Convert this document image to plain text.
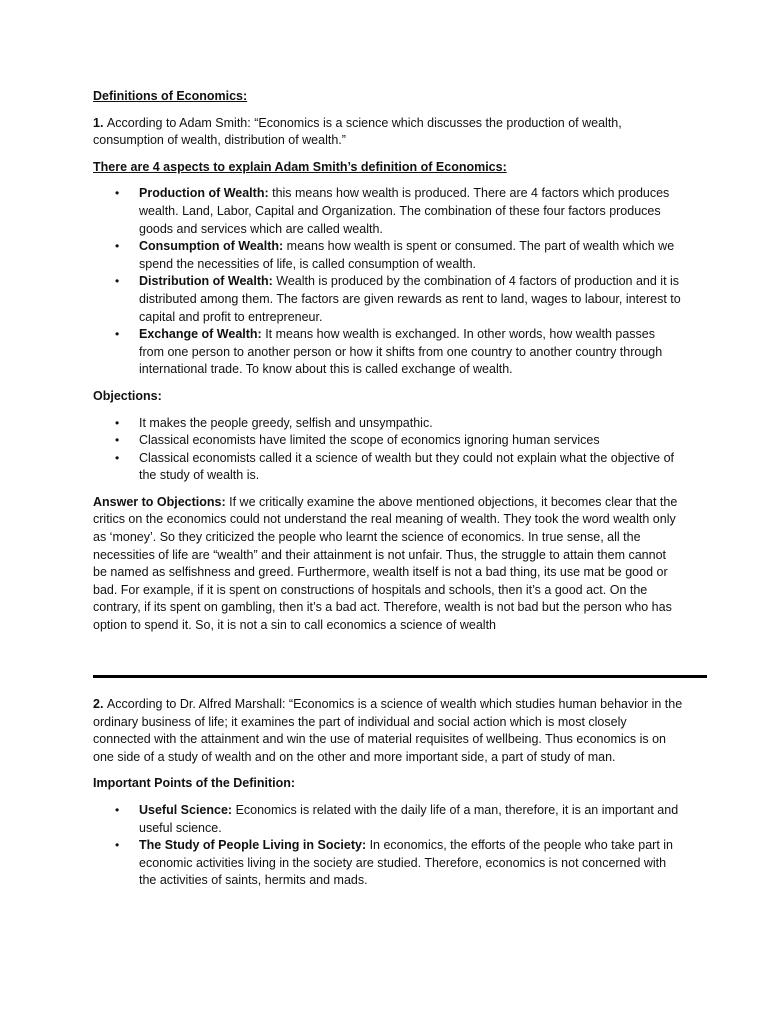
Definitions of Economics:

1. According to Adam Smith: “Economics is a science which discusses the production of wealth, consumption of wealth, distribution of wealth.”

There are 4 aspects to explain Adam Smith’s definition of Economics:

• Production of Wealth: this means how wealth is produced. There are 4 factors which produces wealth. Land, Labor, Capital and Organization. The combination of these four factors produces goods and services which are called wealth.
• Consumption of Wealth: means how wealth is spent or consumed. The part of wealth which we spend the necessities of life, is called consumption of wealth.
• Distribution of Wealth: Wealth is produced by the combination of 4 factors of production and it is distributed among them. The factors are given rewards as rent to land, wages to labour, interest to capital and profit to entrepreneur.
• Exchange of Wealth: It means how wealth is exchanged. In other words, how wealth passes from one person to another person or how it shifts from one country to another country through international trade. To know about this is called exchange of wealth.

Objections:

• It makes the people greedy, selfish and unsympathic.
• Classical economists have limited the scope of economics ignoring human services
• Classical economists called it a science of wealth but they could not explain what the objective of the study of wealth is.

Answer to Objections: If we critically examine the above mentioned objections, it becomes clear that the critics on the economics could not understand the real meaning of wealth. They took the word wealth only as ‘money’. So they criticized the people who learnt the science of economics. In true sense, all the necessities of life are “wealth” and their attainment is not unfair. Thus, the struggle to attain them cannot be named as selfishness and greed. Furthermore, wealth itself is not a bad thing, its use mat be good or bad. For example, if it is spent on constructions of hospitals and schools, then it’s a good act. On the contrary, if its spent on gambling, then it’s a bad act. Therefore, wealth is not bad but the person who has option to spend it. So, it is not a sin to call economics a science of wealth

2. According to Dr. Alfred Marshall: “Economics is a science of wealth which studies human behavior in the ordinary business of life; it examines the part of individual and social action which is most closely connected with the attainment and win the use of material requisites of wellbeing. Thus economics is on one side of a study of wealth and on the other and more important side, a part of study of man.

Important Points of the Definition:

• Useful Science: Economics is related with the daily life of a man, therefore, it is an important and useful science.
• The Study of People Living in Society: In economics, the efforts of the people who take part in economic activities living in the society are studied. Therefore, economics is not concerned with the activities of saints, hermits and mads.
